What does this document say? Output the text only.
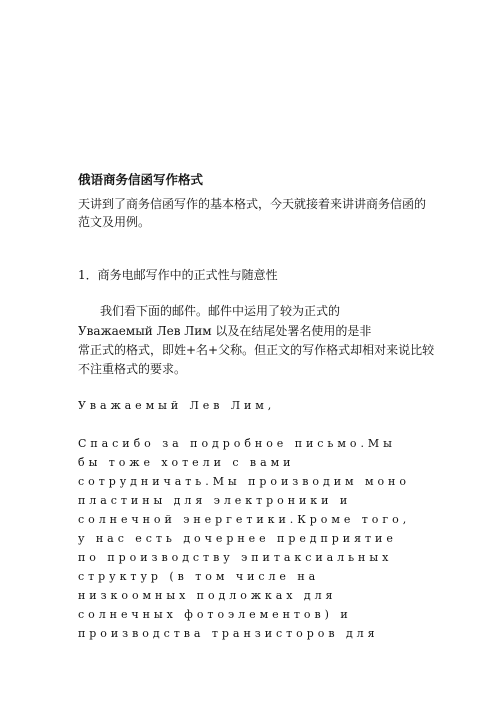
俄语商务信函写作格式
天讲到了商务信函写作的基本格式，今天就接着来讲讲商务信函的
范文及用例。
1．商务电邮写作中的正式性与随意性
我们看下面的邮件。邮件中运用了较为正式的
Уважаемый Лев Лим 以及在结尾处署名使用的是非
常正式的格式，即姓+名+父称。但正文的写作格式却相对来说比较
不注重格式的要求。
Уважаемый Лев Лим,
Спасибо за подробное письмо.Мы
бы тоже хотели с вами
сотрудничать.Мы производим моно
пластины для электроники и
солнечной энергетики.Кроме того,
у нас есть дочернее предприятие
по производству эпитаксиальных
структур (в том числе на
низкоомных подложках для
солнечных фотоэлементов) и
производства транзисторов для
